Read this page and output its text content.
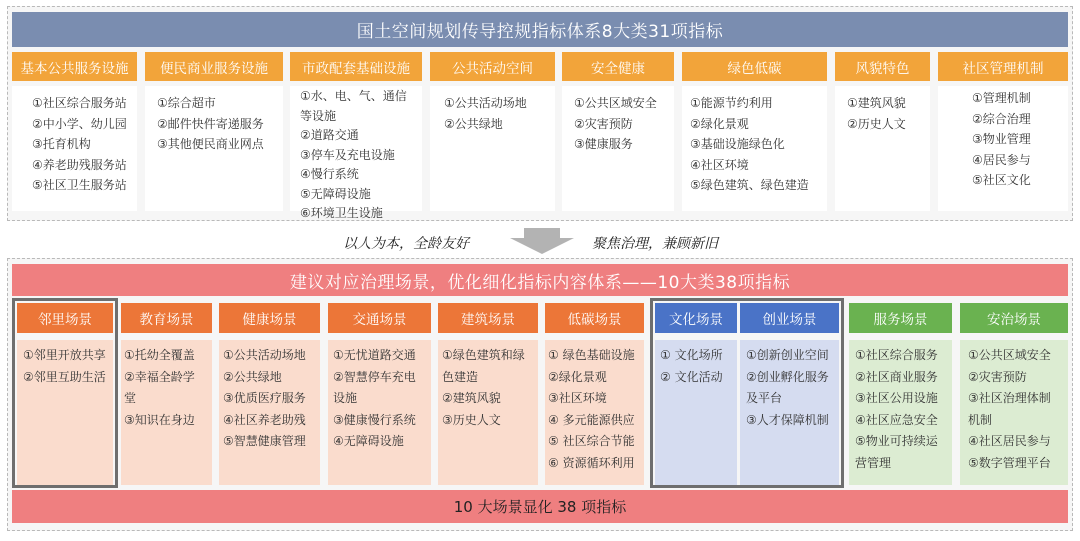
国土空间规划传导控规指标体系8大类31项指标
基本公共服务设施
①社区综合服务站
②中小学、幼儿园
③托育机构
④养老助残服务站
⑤社区卫生服务站
便民商业服务设施
①综合超市
②邮件快件寄递服务
③其他便民商业网点
市政配套基础设施
①水、电、气、通信等设施
②道路交通
③停车及充电设施
④慢行系统
⑤无障碍设施
⑥环境卫生设施
公共活动空间
①公共活动场地
②公共绿地
安全健康
①公共区域安全
②灾害预防
③健康服务
绿色低碳
①能源节约利用
②绿化景观
③基础设施绿色化
④社区环境
⑤绿色建筑、绿色建造
风貌特色
①建筑风貌
②历史人文
社区管理机制
①管理机制
②综合治理
③物业管理
④居民参与
⑤社区文化
以人为本，全龄友好	聚焦治理，兼顾新旧
建议对应治理场景，优化细化指标内容体系——10大类38项指标
邻里场景
①邻里开放共享
②邻里互助生活
教育场景
①托幼全覆盖
②幸福全龄学堂
③知识在身边
健康场景
①公共活动场地
②公共绿地
③优质医疗服务
④社区养老助残
⑤智慧健康管理
交通场景
①无忧道路交通
②智慧停车充电
设施
③健康慢行系统
④无障碍设施
建筑场景
①绿色建筑和绿
色建造
②建筑风貌
③历史人文
低碳场景
① 绿色基础设施
②绿化景观
③社区环境
④ 多元能源供应
⑤ 社区综合节能
⑥ 资源循环利用
文化场景
① 文化场所
② 文化活动
创业场景
①创新创业空间
②创业孵化服务
及平台
③人才保障机制
服务场景
①社区综合服务
②社区商业服务
③社区公用设施
④社区应急安全
⑤物业可持续运
营管理
安治场景
①公共区域安全
②灾害预防
③社区治理体制
机制
④社区居民参与
⑤数字管理平台
10 大场景显化 38 项指标
